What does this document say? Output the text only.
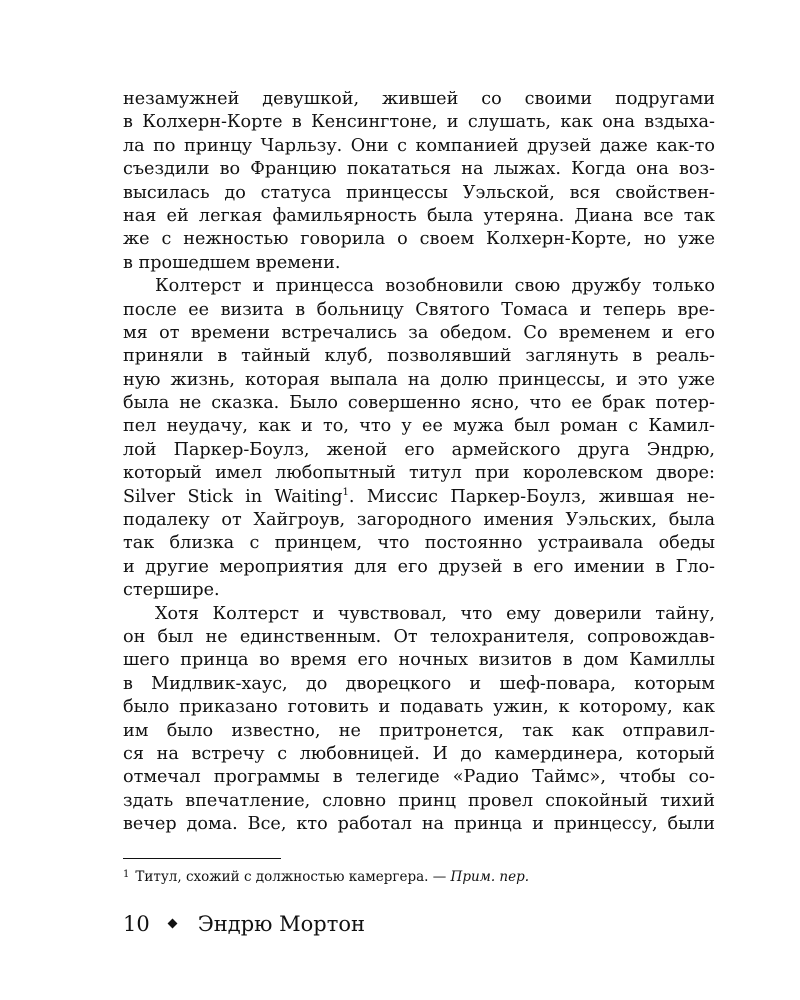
незамужней девушкой, жившей со своими подругами
в Колхерн-Корте в Кенсингтоне, и слушать, как она вздыха-
ла по принцу Чарльзу. Они с компанией друзей даже как-то
съездили во Францию покататься на лыжах. Когда она воз-
высилась до статуса принцессы Уэльской, вся свойствен-
ная ей легкая фамильярность была утеряна. Диана все так
же с нежностью говорила о своем Колхерн-Корте, но уже
в прошедшем времени.
Колтерст и принцесса возобновили свою дружбу только
после ее визита в больницу Святого Томаса и теперь вре-
мя от времени встречались за обедом. Со временем и его
приняли в тайный клуб, позволявший заглянуть в реаль-
ную жизнь, которая выпала на долю принцессы, и это уже
была не сказка. Было совершенно ясно, что ее брак потер-
пел неудачу, как и то, что у ее мужа был роман с Камил-
лой Паркер-Боулз, женой его армейского друга Эндрю,
который имел любопытный титул при королевском дворе:
Silver Stick in Waiting$^1$. Миссис Паркер-Боулз, жившая не-
подалеку от Хайгроув, загородного имения Уэльских, была
так близка с принцем, что постоянно устраивала обеды
и другие мероприятия для его друзей в его имении в Гло-
стершире.
Хотя Колтерст и чувствовал, что ему доверили тайну,
он был не единственным. От телохранителя, сопровождав-
шего принца во время его ночных визитов в дом Камиллы
в Мидлвик-хаус, до дворецкого и шеф-повара, которым
было приказано готовить и подавать ужин, к которому, как
им было известно, не притронется, так как отправил-
ся на встречу с любовницей. И до камердинера, который
отмечал программы в телегиде «Радио Таймс», чтобы со-
здать впечатление, словно принц провел спокойный тихий
вечер дома. Все, кто работал на принца и принцессу, были
$^1$ Титул, схожий с должностью камергера. — Прим. пер.
10 Эндрю Мортон
